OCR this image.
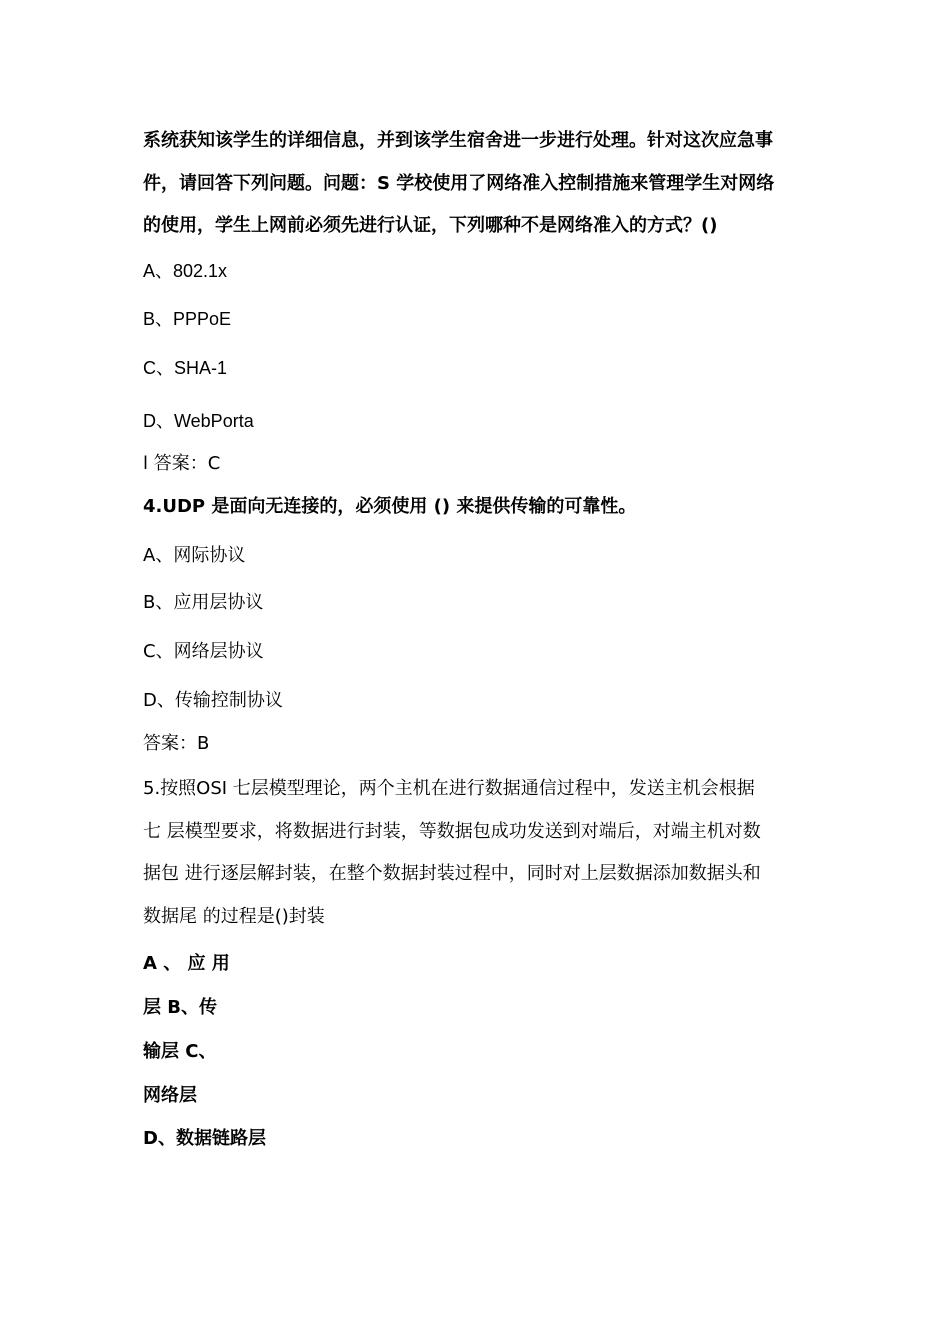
系统获知该学生的详细信息，并到该学生宿舍进一步进行处理。针对这次应急事
件，请回答下列问题。问题：S 学校使用了网络准入控制措施来管理学生对网络
的使用，学生上网前必须先进行认证，下列哪种不是网络准入的方式？()
A、802.1x
B、PPPoE
C、SHA-1
D、WebPorta
l 答案：C
4.UDP 是面向无连接的，必须使用 () 来提供传输的可靠性。
A、网际协议
B、应用层协议
C、网络层协议
D、传输控制协议
答案：B
5.按照OSI 七层模型理论，两个主机在进行数据通信过程中，发送主机会根据
七 层模型要求，将数据进行封装，等数据包成功发送到对端后，对端主机对数
据包 进行逐层解封装，在整个数据封装过程中，同时对上层数据添加数据头和
数据尾 的过程是()封装
A 、 应 用
层 B、传
输层 C、
网络层
D、数据链路层
